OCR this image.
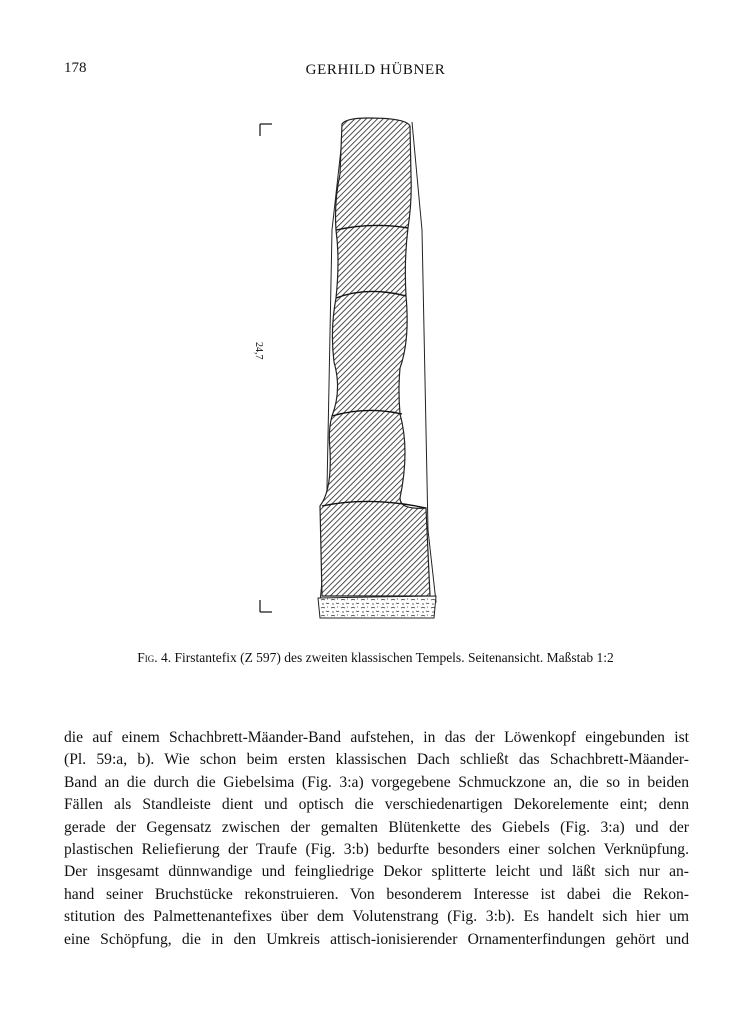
178	GERHILD HÜBNER
24,7
Fig. 4. Firstantefix (Z 597) des zweiten klassischen Tempels. Seitenansicht. Maßstab 1:2
die auf einem Schachbrett-Mäander-Band aufstehen, in das der Löwenkopf eingebunden ist
(Pl. 59:a, b). Wie schon beim ersten klassischen Dach schließt das Schachbrett-Mäander-
Band an die durch die Giebelsima (Fig. 3:a) vorgegebene Schmuckzone an, die so in beiden
Fällen als Standleiste dient und optisch die verschiedenartigen Dekorelemente eint; denn
gerade der Gegensatz zwischen der gemalten Blütenkette des Giebels (Fig. 3:a) und der
plastischen Reliefierung der Traufe (Fig. 3:b) bedurfte besonders einer solchen Verknüpfung.
Der insgesamt dünnwandige und feingliedrige Dekor splitterte leicht und läßt sich nur an-
hand seiner Bruchstücke rekonstruieren. Von besonderem Interesse ist dabei die Rekon-
stitution des Palmettenantefixes über dem Volutenstrang (Fig. 3:b). Es handelt sich hier um
eine Schöpfung, die in den Umkreis attisch-ionisierender Ornamenterfindungen gehört und
